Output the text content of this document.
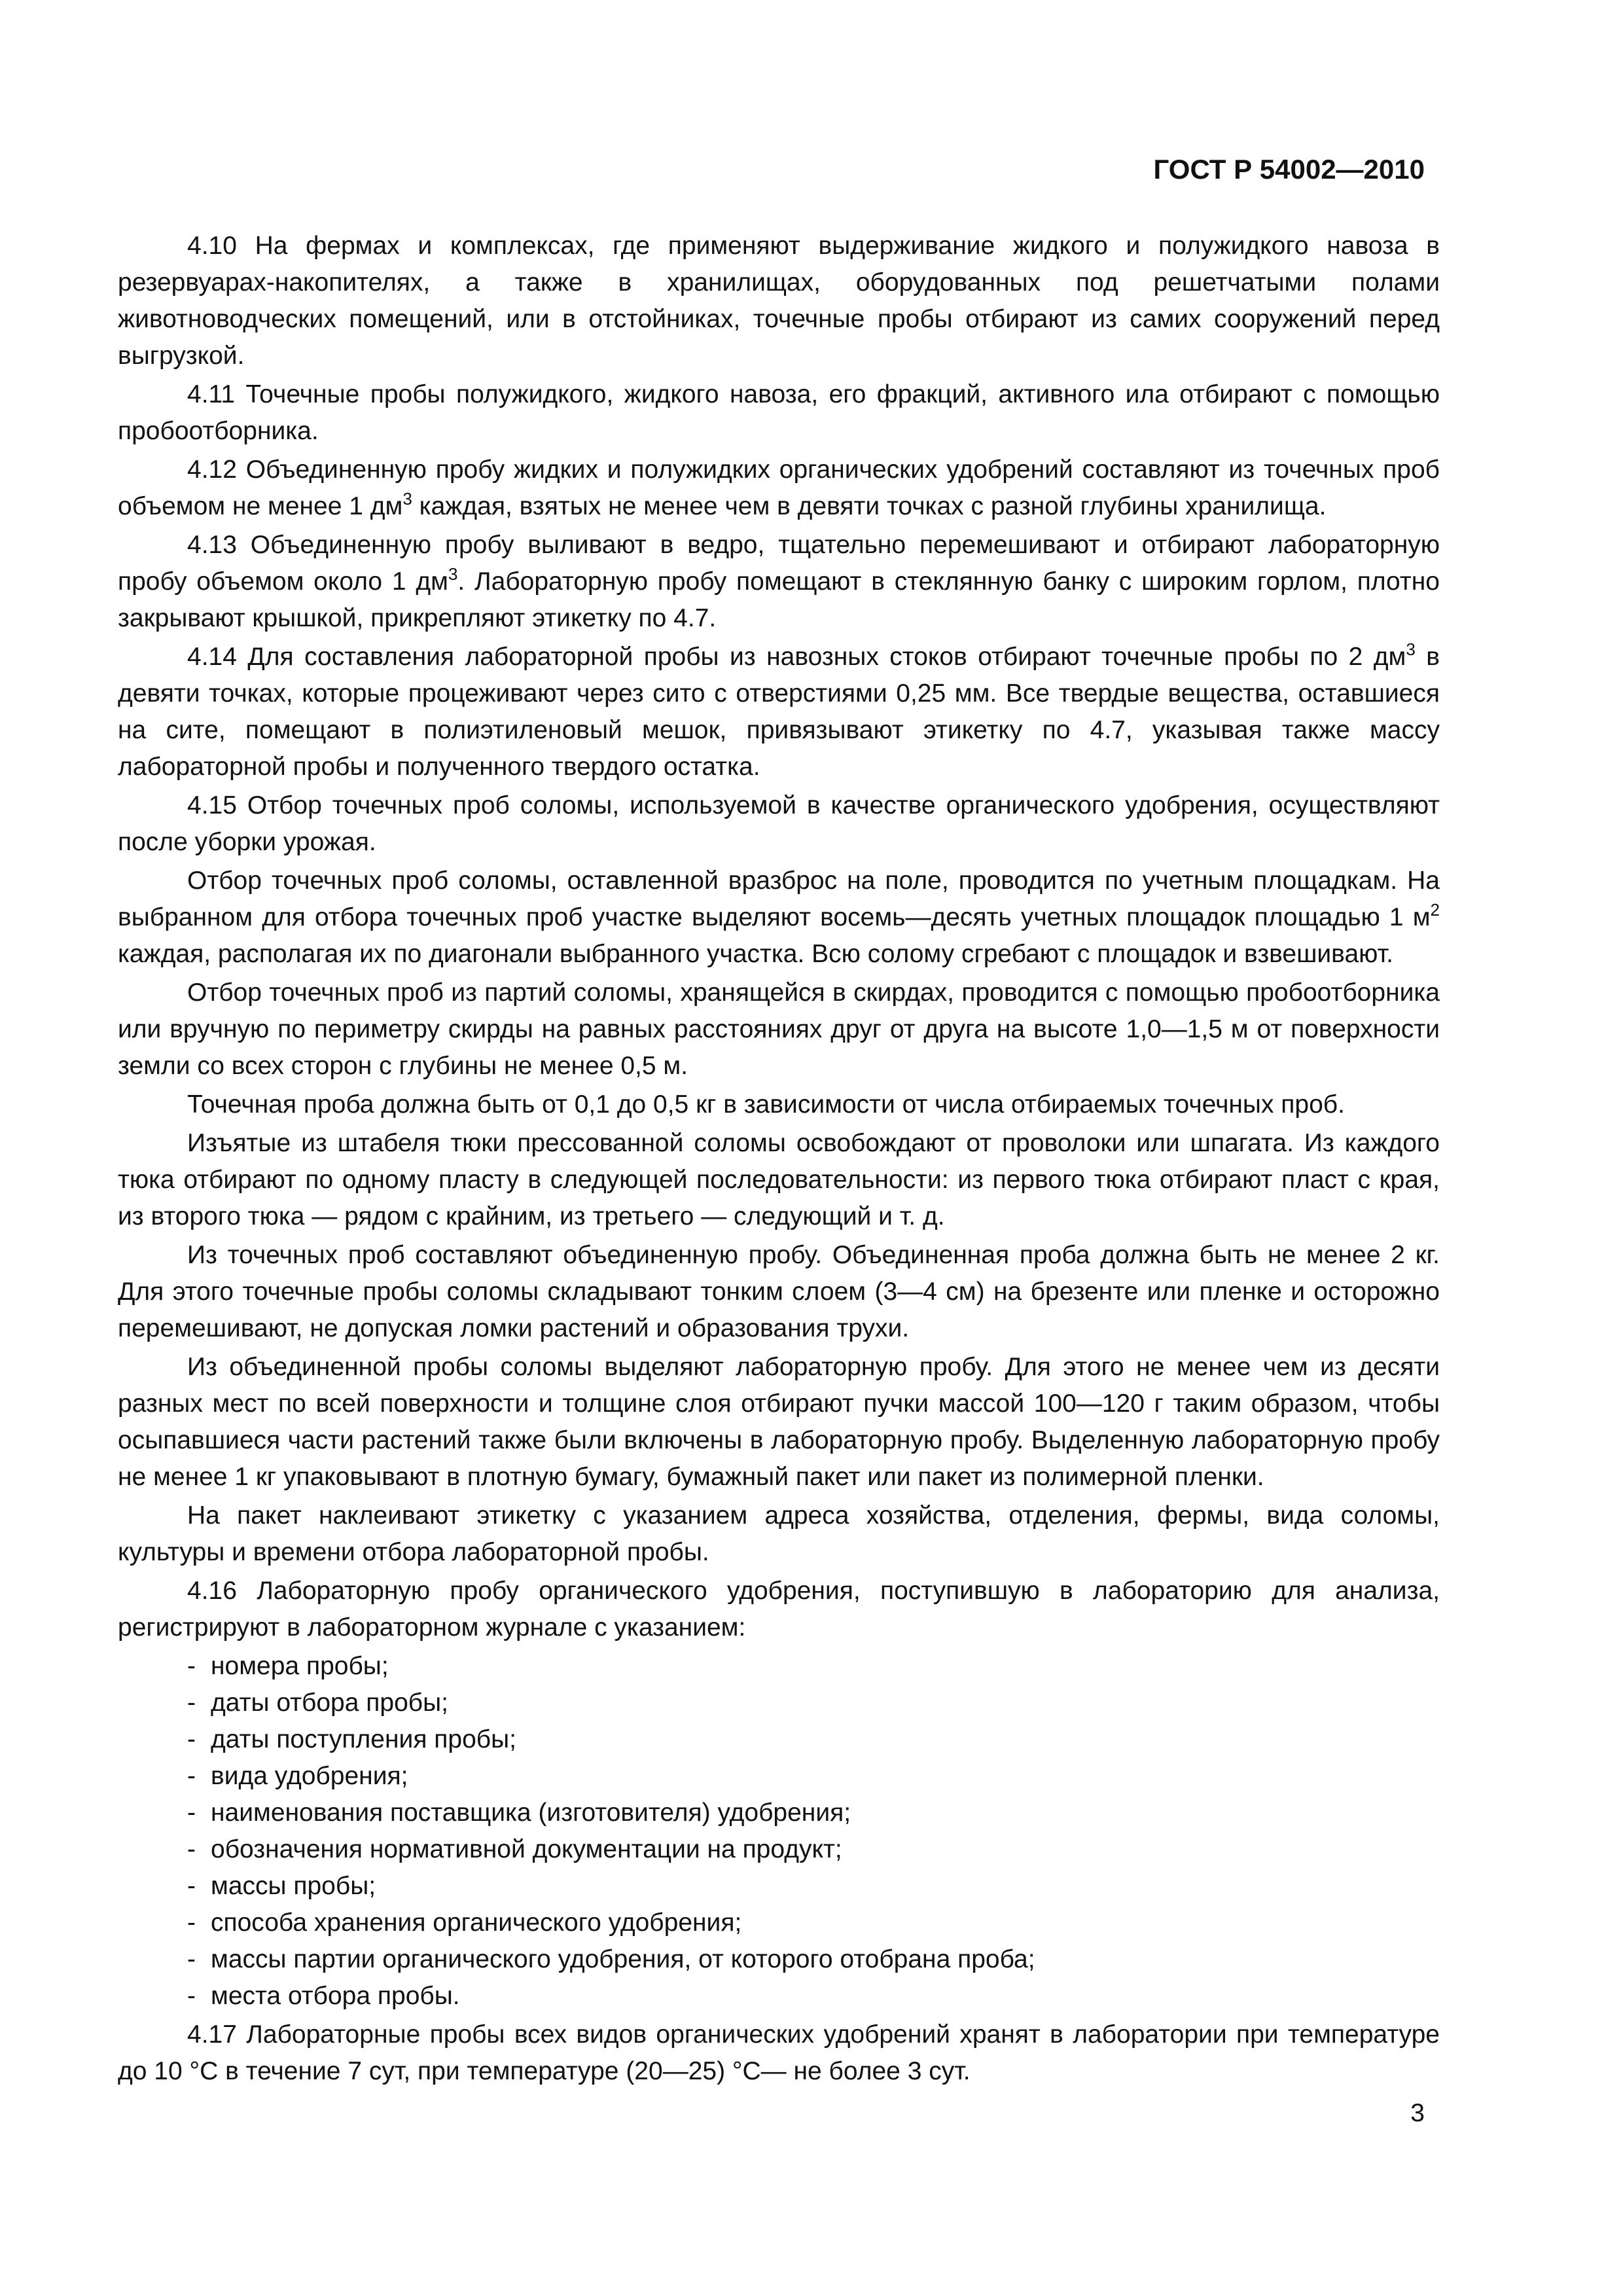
ГОСТ Р 54002—2010

4.10 На фермах и комплексах, где применяют выдерживание жидкого и полужидкого навоза в резервуарах-накопителях, а также в хранилищах, оборудованных под решетчатыми полами животноводческих помещений, или в отстойниках, точечные пробы отбирают из самих сооружений перед выгрузкой.

4.11 Точечные пробы полужидкого, жидкого навоза, его фракций, активного ила отбирают с помощью пробоотборника.

4.12 Объединенную пробу жидких и полужидких органических удобрений составляют из точечных проб объемом не менее 1 $дм^3$ каждая, взятых не менее чем в девяти точках с разной глубины хранилища.

4.13 Объединенную пробу выливают в ведро, тщательно перемешивают и отбирают лабораторную пробу объемом около 1 $дм^3$. Лабораторную пробу помещают в стеклянную банку с широким горлом, плотно закрывают крышкой, прикрепляют этикетку по 4.7.

4.14 Для составления лабораторной пробы из навозных стоков отбирают точечные пробы по 2 $дм^3$ в девяти точках, которые процеживают через сито с отверстиями 0,25 мм. Все твердые вещества, оставшиеся на сите, помещают в полиэтиленовый мешок, привязывают этикетку по 4.7, указывая также массу лабораторной пробы и полученного твердого остатка.

4.15 Отбор точечных проб соломы, используемой в качестве органического удобрения, осуществляют после уборки урожая.

Отбор точечных проб соломы, оставленной вразброс на поле, проводится по учетным площадкам. На выбранном для отбора точечных проб участке выделяют восемь—десять учетных площадок площадью 1 $м^2$ каждая, располагая их по диагонали выбранного участка. Всю солому сгребают с площадок и взвешивают.

Отбор точечных проб из партий соломы, хранящейся в скирдах, проводится с помощью пробоотборника или вручную по периметру скирды на равных расстояниях друг от друга на высоте 1,0—1,5 м от поверхности земли со всех сторон с глубины не менее 0,5 м.

Точечная проба должна быть от 0,1 до 0,5 кг в зависимости от числа отбираемых точечных проб.

Изъятые из штабеля тюки прессованной соломы освобождают от проволоки или шпагата. Из каждого тюка отбирают по одному пласту в следующей последовательности: из первого тюка отбирают пласт с края, из второго тюка — рядом с крайним, из третьего — следующий и т. д.

Из точечных проб составляют объединенную пробу. Объединенная проба должна быть не менее 2 кг. Для этого точечные пробы соломы складывают тонким слоем (3—4 см) на брезенте или пленке и осторожно перемешивают, не допуская ломки растений и образования трухи.

Из объединенной пробы соломы выделяют лабораторную пробу. Для этого не менее чем из десяти разных мест по всей поверхности и толщине слоя отбирают пучки массой 100—120 г таким образом, чтобы осыпавшиеся части растений также были включены в лабораторную пробу. Выделенную лабораторную пробу не менее 1 кг упаковывают в плотную бумагу, бумажный пакет или пакет из полимерной пленки.

На пакет наклеивают этикетку с указанием адреса хозяйства, отделения, фермы, вида соломы, культуры и времени отбора лабораторной пробы.

4.16 Лабораторную пробу органического удобрения, поступившую в лабораторию для анализа, регистрируют в лабораторном журнале с указанием:

- номера пробы;
- даты отбора пробы;
- даты поступления пробы;
- вида удобрения;
- наименования поставщика (изготовителя) удобрения;
- обозначения нормативной документации на продукт;
- массы пробы;
- способа хранения органического удобрения;
- массы партии органического удобрения, от которого отобрана проба;
- места отбора пробы.

4.17 Лабораторные пробы всех видов органических удобрений хранят в лаборатории при температуре до 10 °С в течение 7 сут, при температуре (20—25) °С— не более 3 сут.

3
